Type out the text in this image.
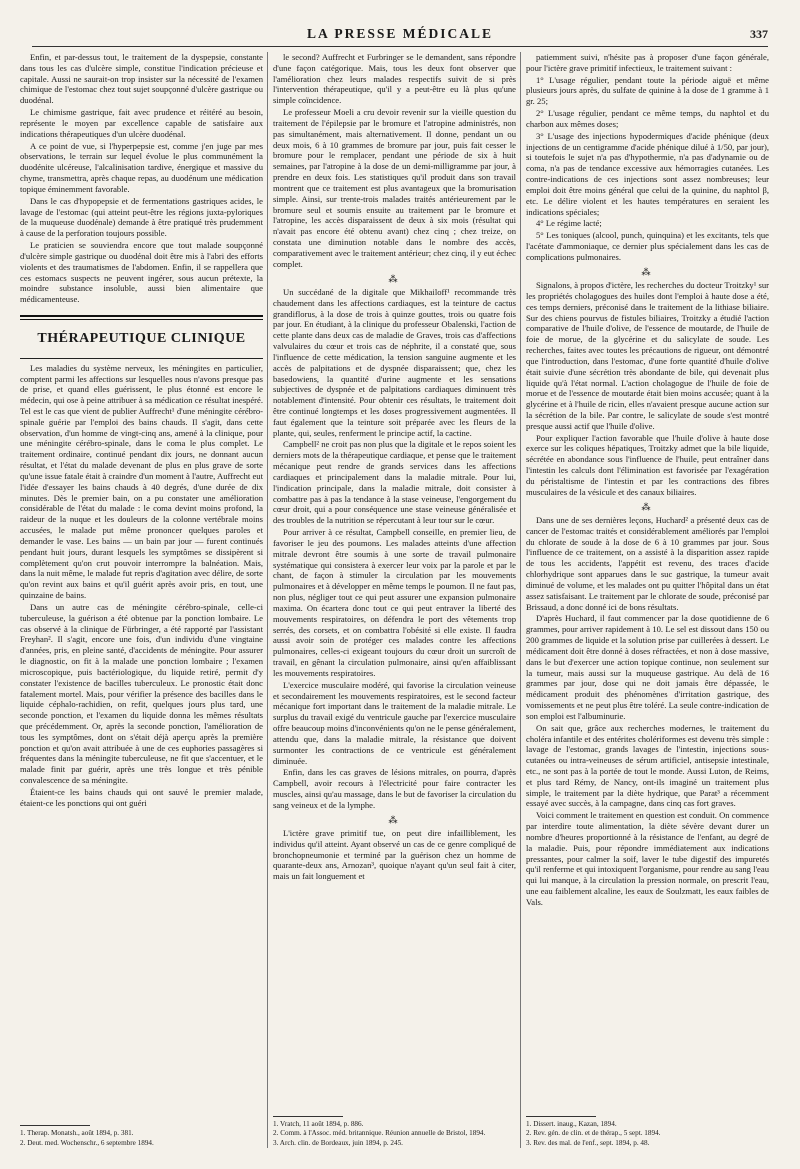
LA PRESSE MÉDICALE	337

Enfin, et par-dessus tout, le traitement de la dyspepsie, constante dans tous les cas d'ulcère simple, constitue l'indication précieuse et capitale. Aussi ne saurait-on trop insister sur la nécessité de l'examen chimique de l'estomac chez tout sujet soupçonné d'ulcère gastrique ou duodénal.

Le chimisme gastrique, fait avec prudence et réitéré au besoin, représente le moyen par excellence capable de satisfaire aux indications thérapeutiques d'un ulcère duodénal.

A ce point de vue, si l'hyperpepsie est, comme j'en juge par mes observations, le terrain sur lequel évolue le plus communément la duodénite ulcéreuse, l'alcalinisation tardive, énergique et massive du chyme, transmettra, après chaque repas, au duodénum une médication topique éminemment favorable.

Dans le cas d'hypopepsie et de fermentations gastriques acides, le lavage de l'estomac (qui atteint peut-être les régions juxta-pyloriques de la muqueuse duodénale) demande à être pratiqué très prudemment à cause de la perforation toujours possible.

Le praticien se souviendra encore que tout malade soupçonné d'ulcère simple gastrique ou duodénal doit être mis à l'abri des efforts violents et des traumatismes de l'abdomen. Enfin, il se rappellera que ces estomacs suspects ne peuvent ingérer, sous aucun prétexte, la moindre substance insoluble, aussi bien alimentaire que médicamenteuse.

THÉRAPEUTIQUE CLINIQUE

Les maladies du système nerveux, les méningites en particulier, comptent parmi les affections sur lesquelles nous n'avons presque pas de prise, et quand elles guérissent, le plus étonné est encore le médecin, qui ose à peine attribuer à sa médication ce résultat inespéré. Tel est le cas que vient de publier Auffrecht¹ d'une méningite cérébro-spinale guérie par l'emploi des bains chauds. Il s'agit, dans cette observation, d'un homme de vingt-cinq ans, amené à la clinique, pour une méningite cérébro-spinale, dans le coma le plus complet. Le traitement ordinaire, continué pendant dix jours, ne donnant aucun résultat, et l'état du malade devenant de plus en plus grave de sorte qu'une issue fatale était à craindre d'un moment à l'autre, Auffrecht eut l'idée d'essayer les bains chauds à 40 degrés, d'une durée de dix minutes. Dès le premier bain, on a pu constater une amélioration considérable de l'état du malade : le coma devint moins profond, la raideur de la nuque et les douleurs de la colonne vertébrale moins accusées, le malade put même prononcer quelques paroles et demander le vase. Les bains — un bain par jour — furent continués pendant huit jours, durant lesquels les symptômes se dissipèrent si complètement qu'on crut pouvoir interrompre la balnéation. Mais, dans la nuit même, le malade fut repris d'agitation avec délire, de sorte qu'on revint aux bains et qu'il guérit après avoir pris, en tout, une quinzaine de bains.

Dans un autre cas de méningite cérébro-spinale, celle-ci tuberculeuse, la guérison a été obtenue par la ponction lombaire. Le cas observé à la clinique de Fürbringer, a été rapporté par l'assistant Freyhan². Il s'agit, encore une fois, d'un individu d'une vingtaine d'années, pris, en pleine santé, d'accidents de méningite. Pour assurer le diagnostic, on fit à la malade une ponction lombaire ; l'examen microscopique, puis bactériologique, du liquide retiré, permit d'y constater l'existence de bacilles tuberculeux. Le pronostic était donc fatalement mortel. Mais, pour vérifier la présence des bacilles dans le liquide céphalo-rachidien, on refit, quelques jours plus tard, une seconde ponction, et l'examen du liquide donna les mêmes résultats que précédemment. Or, après la seconde ponction, l'amélioration de tous les symptômes, dont on s'était déjà aperçu après la première ponction et qu'on avait attribuée à une de ces euphories passagères si fréquentes dans la méningite tuberculeuse, ne fit que s'accentuer, et le malade finit par guérir, après une très longue et très pénible convalescence de sa méningite.

Étaient-ce les bains chauds qui ont sauvé le premier malade, étaient-ce les ponctions qui ont guéri

1. Therap. Monatsh., août 1894, p. 381.
2. Deut. med. Wochenschr., 6 septembre 1894.

le second? Auffrecht et Furbringer se le demandent, sans répondre d'une façon catégorique. Mais, tous les deux font observer que l'amélioration chez leurs malades respectifs suivit de si près l'intervention thérapeutique, qu'il y a peut-être eu là plus qu'une simple coïncidence.

Le professeur Moeli a cru devoir revenir sur la vieille question du traitement de l'épilepsie par le bromure et l'atropine administrés, non pas simultanément, mais alternativement. Il donne, pendant un ou deux mois, 6 à 10 grammes de bromure par jour, puis fait cesser le bromure pour le remplacer, pendant une période de six à huit semaines, par l'atropine à la dose de un demi-milligramme par jour, à prendre en deux fois. Les statistiques qu'il produit dans son travail montrent que ce traitement est plus avantageux que la bromurisation simple. Ainsi, sur trente-trois malades traités antérieurement par le bromure seul et soumis ensuite au traitement par le bromure et l'atropine, les accès disparaissent de deux à six mois (résultat qui n'avait pas encore été obtenu avant) chez cinq ; chez treize, on constata une diminution notable dans le nombre des accès, comparativement avec le traitement antérieur; chez cinq, il y eut échec complet.

⁂

Un succédané de la digitale que Mikhailoff¹ recommande très chaudement dans les affections cardiaques, est la teinture de cactus grandiflorus, à la dose de trois à quinze gouttes, trois ou quatre fois par jour. En étudiant, à la clinique du professeur Obalenski, l'action de cette plante dans deux cas de maladie de Graves, trois cas d'affections valvulaires du cœur et trois cas de néphrite, il a constaté que, sous l'influence de cette médication, la tension sanguine augmente et les accès de palpitations et de dyspnée disparaissent; que, chez les basedowiens, la quantité d'urine augmente et les sensations subjectives de dyspnée et de palpitations cardiaques diminuent très notablement d'intensité. Pour obtenir ces résultats, le traitement doit être continué longtemps et les doses progressivement augmentées. Il faut également que la teinture soit préparée avec les fleurs de la plante, qui, seules, renferment le principe actif, la cactine.

Campbell² ne croit pas non plus que la digitale et le repos soient les derniers mots de la thérapeutique cardiaque, et pense que le traitement mécanique peut rendre de grands services dans les affections cardiaques et principalement dans la maladie mitrale. Pour lui, l'indication principale, dans la maladie mitrale, doit consister à combattre pas à pas la tendance à la stase veineuse, l'engorgement du cœur droit, qui a pour conséquence une stase veineuse généralisée et des troubles de la nutrition se répercutant à leur tour sur le cœur.

Pour arriver à ce résultat, Campbell conseille, en premier lieu, de favoriser le jeu des poumons. Les malades atteints d'une affection mitrale devront être soumis à une sorte de travail pulmonaire systématique qui consistera à exercer leur voix par la parole et par le chant, de façon à stimuler la circulation par les mouvements pulmonaires et à développer en même temps le poumon. Il ne faut pas, non plus, négliger tout ce qui peut assurer une expansion pulmonaire maxima. On écartera donc tout ce qui peut entraver la liberté des mouvements respiratoires, on défendra le port des vêtements trop serrés, des corsets, et on combattra l'obésité si elle existe. Il faudra aussi avoir soin de protéger ces malades contre les affections pulmonaires, celles-ci exigeant toujours du cœur droit un surcroît de travail, en gênant la circulation pulmonaire, ainsi qu'en affaiblissant les mouvements respiratoires.

L'exercice musculaire modéré, qui favorise la circulation veineuse et secondairement les mouvements respiratoires, est le second facteur mécanique fort important dans le traitement de la maladie mitrale. Le surplus du travail exigé du ventricule gauche par l'exercice musculaire offre beaucoup moins d'inconvénients qu'on ne le pense généralement, attendu que, dans la maladie mitrale, la résistance que doivent surmonter les contractions de ce ventricule est généralement diminuée.

Enfin, dans les cas graves de lésions mitrales, on pourra, d'après Campbell, avoir recours à l'électricité pour faire contracter les muscles, ainsi qu'au massage, dans le but de favoriser la circulation du sang veineux et de la lymphe.

⁂

L'ictère grave primitif tue, on peut dire infailliblement, les individus qu'il atteint. Ayant observé un cas de ce genre compliqué de bronchopneumonie et terminé par la guérison chez un homme de quarante-deux ans, Arnozan³, quoique n'ayant qu'un seul fait à citer, mais un fait longuement et

1. Vratch, 11 août 1894, p. 886.
2. Comm. à l'Assoc. méd. britannique. Réunion annuelle de Bristol, 1894.
3. Arch. clin. de Bordeaux, juin 1894, p. 245.

patiemment suivi, n'hésite pas à proposer d'une façon générale, pour l'ictère grave primitif infectieux, le traitement suivant :

1° L'usage régulier, pendant toute la période aiguë et même plusieurs jours après, du sulfate de quinine à la dose de 1 gramme à 1 gr. 25;

2° L'usage régulier, pendant ce même temps, du naphtol et du charbon aux mêmes doses;

3° L'usage des injections hypodermiques d'acide phénique (deux injections de un centigramme d'acide phénique dilué à 1/50, par jour), si toutefois le sujet n'a pas d'hypothermie, n'a pas d'adynamie ou de coma, n'a pas de tendance excessive aux hémorragies cutanées. Les contre-indications de ces injections sont assez nombreuses; leur emploi doit être moins général que celui de la quinine, du naphtol β, etc. Le délire violent et les hautes températures en seraient les indications spéciales;

4° Le régime lacté;

5° Les toniques (alcool, punch, quinquina) et les excitants, tels que l'acétate d'ammoniaque, ce dernier plus spécialement dans les cas de complications pulmonaires.

⁂

Signalons, à propos d'ictère, les recherches du docteur Troitzky¹ sur les propriétés cholagogues des huiles dont l'emploi à haute dose a été, ces temps derniers, préconisé dans le traitement de la lithiase biliaire. Sur des chiens pourvus de fistules biliaires, Troitzky a étudié l'action comparative de l'huile d'olive, de l'essence de moutarde, de l'huile de foie de morue, de la glycérine et du salicylate de soude. Les recherches, faites avec toutes les précautions de rigueur, ont démontré que l'introduction, dans l'estomac, d'une forte quantité d'huile d'olive était suivie d'une sécrétion très abondante de bile, qui devenait plus liquide qu'à l'état normal. L'action cholagogue de l'huile de foie de morue et de l'essence de moutarde était bien moins accusée; quant à la glycérine et à l'huile de ricin, elles n'avaient presque aucune action sur la sécrétion de la bile. Par contre, le salicylate de soude s'est montré presque aussi actif que l'huile d'olive.

Pour expliquer l'action favorable que l'huile d'olive à haute dose exerce sur les coliques hépatiques, Troitzky admet que la bile liquide, sécrétée en abondance sous l'influence de l'huile, peut entraîner dans l'intestin les calculs dont l'élimination est favorisée par l'exagération du péristaltisme de l'intestin et par les contractions des fibres musculaires de la vésicule et des canaux biliaires.

⁂

Dans une de ses dernières leçons, Huchard² a présenté deux cas de cancer de l'estomac traités et considérablement améliorés par l'emploi du chlorate de soude à la dose de 6 à 10 grammes par jour. Sous l'influence de ce traitement, on a assisté à la disparition assez rapide de tous les accidents, l'appétit est revenu, des traces d'acide chlorhydrique sont apparues dans le suc gastrique, la tumeur avait diminué de volume, et les malades ont pu quitter l'hôpital dans un état assez satisfaisant. Le traitement par le chlorate de soude, préconisé par Brissaud, a donc donné ici de bons résultats.

D'après Huchard, il faut commencer par la dose quotidienne de 6 grammes, pour arriver rapidement à 10. Le sel est dissout dans 150 ou 200 grammes de liquide et la solution prise par cuillerées à dessert. Le médicament doit être donné à doses réfractées, et non à dose massive, dans le but d'exercer une action topique continue, non seulement sur la tumeur, mais aussi sur la muqueuse gastrique. Au delà de 16 grammes par jour, dose qui ne doit jamais être dépassée, le médicament produit des phénomènes d'irritation gastrique, des vomissements et ne peut plus être toléré. La seule contre-indication de son emploi est l'albuminurie.

On sait que, grâce aux recherches modernes, le traitement du choléra infantile et des entérites cholériformes est devenu très simple : lavage de l'estomac, grands lavages de l'intestin, injections sous-cutanées ou intra-veineuses de sérum artificiel, antisepsie intestinale, etc., ne sont pas à la portée de tout le monde. Aussi Luton, de Reims, et plus tard Rémy, de Nancy, ont-ils imaginé un traitement plus simple, le traitement par la diète hydrique, que Parat³ a récemment essayé avec succès, à la campagne, dans cinq cas fort graves.

Voici comment le traitement en question est conduit. On commence par interdire toute alimentation, la diète sévère devant durer un nombre d'heures proportionné à la résistance de l'enfant, au degré de la maladie. Puis, pour répondre immédiatement aux indications pressantes, pour calmer la soif, laver le tube digestif des impuretés qu'il renferme et qui intoxiquent l'organisme, pour rendre au sang l'eau qui lui manque, à la circulation la pression normale, on prescrit l'eau, une eau faiblement alcaline, les eaux de Soulzmatt, les eaux faibles de Vals.

1. Dissert. inaug., Kazan, 1894.
2. Rev. gén. de clin. et de thérap., 5 sept. 1894.
3. Rev. des mal. de l'enf., sept. 1894, p. 48.
